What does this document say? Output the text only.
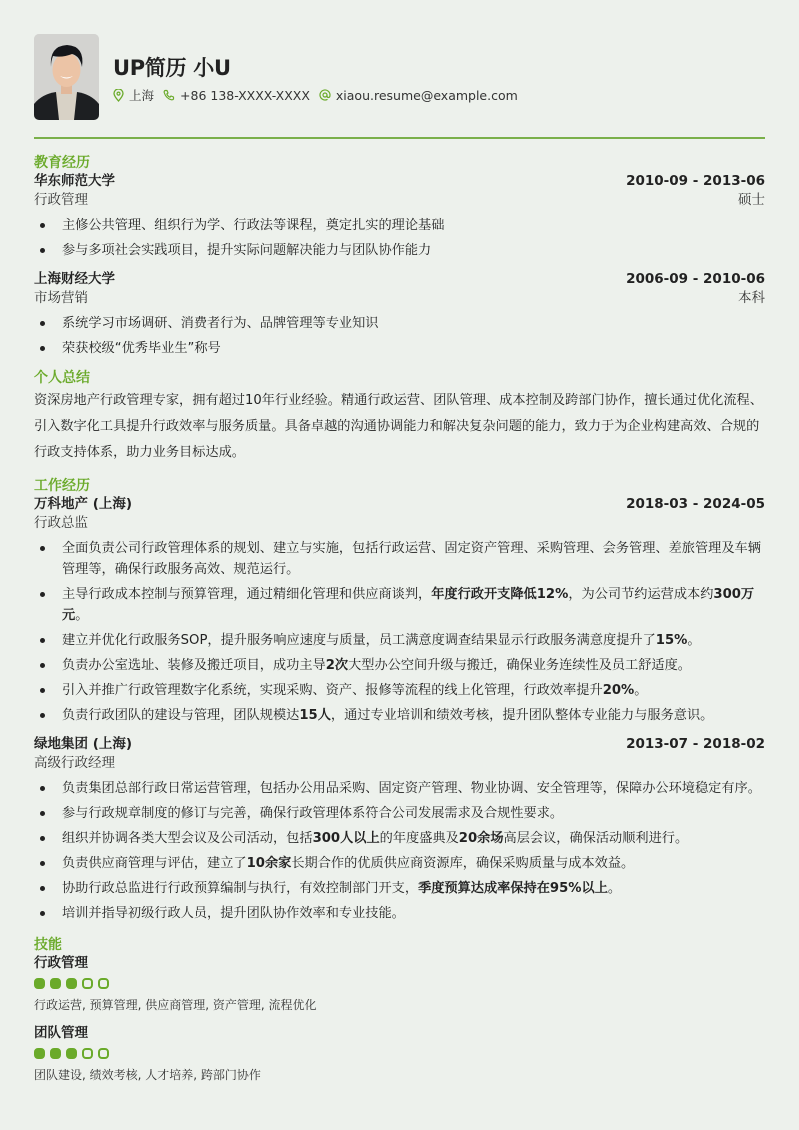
UP简历 小U
上海 +86 138-XXXX-XXXX xiaou.resume@example.com
教育经历
华东师范大学	2010-09 - 2013-06
行政管理	硕士
主修公共管理、组织行为学、行政法等课程，奠定扎实的理论基础
参与多项社会实践项目，提升实际问题解决能力与团队协作能力
上海财经大学	2006-09 - 2010-06
市场营销	本科
系统学习市场调研、消费者行为、品牌管理等专业知识
荣获校级“优秀毕业生”称号
个人总结
资深房地产行政管理专家，拥有超过10年行业经验。精通行政运营、团队管理、成本控制及跨部门协作，擅长通过优化流程、引入数字化工具提升行政效率与服务质量。具备卓越的沟通协调能力和解决复杂问题的能力，致力于为企业构建高效、合规的行政支持体系，助力业务目标达成。
工作经历
万科地产 (上海)	2018-03 - 2024-05
行政总监
全面负责公司行政管理体系的规划、建立与实施，包括行政运营、固定资产管理、采购管理、会务管理、差旅管理及车辆管理等，确保行政服务高效、规范运行。
主导行政成本控制与预算管理，通过精细化管理和供应商谈判，年度行政开支降低12%，为公司节约运营成本约300万元。
建立并优化行政服务SOP，提升服务响应速度与质量，员工满意度调查结果显示行政服务满意度提升了15%。
负责办公室选址、装修及搬迁项目，成功主导2次大型办公空间升级与搬迁，确保业务连续性及员工舒适度。
引入并推广行政管理数字化系统，实现采购、资产、报修等流程的线上化管理，行政效率提升20%。
负责行政团队的建设与管理，团队规模达15人，通过专业培训和绩效考核，提升团队整体专业能力与服务意识。
绿地集团 (上海)	2013-07 - 2018-02
高级行政经理
负责集团总部行政日常运营管理，包括办公用品采购、固定资产管理、物业协调、安全管理等，保障办公环境稳定有序。
参与行政规章制度的修订与完善，确保行政管理体系符合公司发展需求及合规性要求。
组织并协调各类大型会议及公司活动，包括300人以上的年度盛典及20余场高层会议，确保活动顺利进行。
负责供应商管理与评估，建立了10余家长期合作的优质供应商资源库，确保采购质量与成本效益。
协助行政总监进行行政预算编制与执行，有效控制部门开支，季度预算达成率保持在95%以上。
培训并指导初级行政人员，提升团队协作效率和专业技能。
技能
行政管理
行政运营, 预算管理, 供应商管理, 资产管理, 流程优化
团队管理
团队建设, 绩效考核, 人才培养, 跨部门协作
